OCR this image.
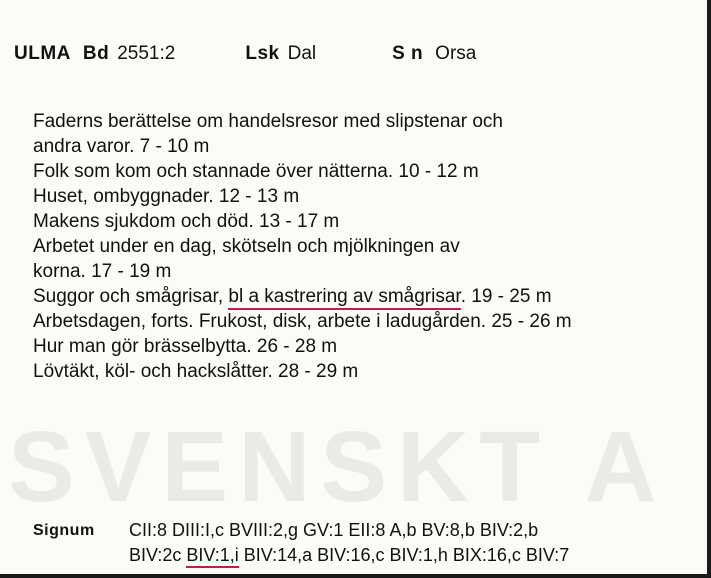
SVENSKT A
ULMA Bd 2551:2	Lsk Dal	S n Orsa
Faderns berättelse om handelsresor med slipstenar och
andra varor. 7 - 10 m
Folk som kom och stannade över nätterna. 10 - 12 m
Huset, ombyggnader. 12 - 13 m
Makens sjukdom och död. 13 - 17 m
Arbetet under en dag, skötseln och mjölkningen av
korna. 17 - 19 m
Suggor och smågrisar, bl a kastrering av smågrisar. 19 - 25 m
Arbetsdagen, forts. Frukost, disk, arbete i ladugården. 25 - 26 m
Hur man gör brässelbytta. 26 - 28 m
Lövtäkt, köl- och hackslåtter. 28 - 29 m
Signum CII:8 DIII:I,c BVIII:2,g GV:1 EII:8 A,b BV:8,b BIV:2,b
BIV:2c BIV:1,i BIV:14,a BIV:16,c BIV:1,h BIX:16,c BIV:7
